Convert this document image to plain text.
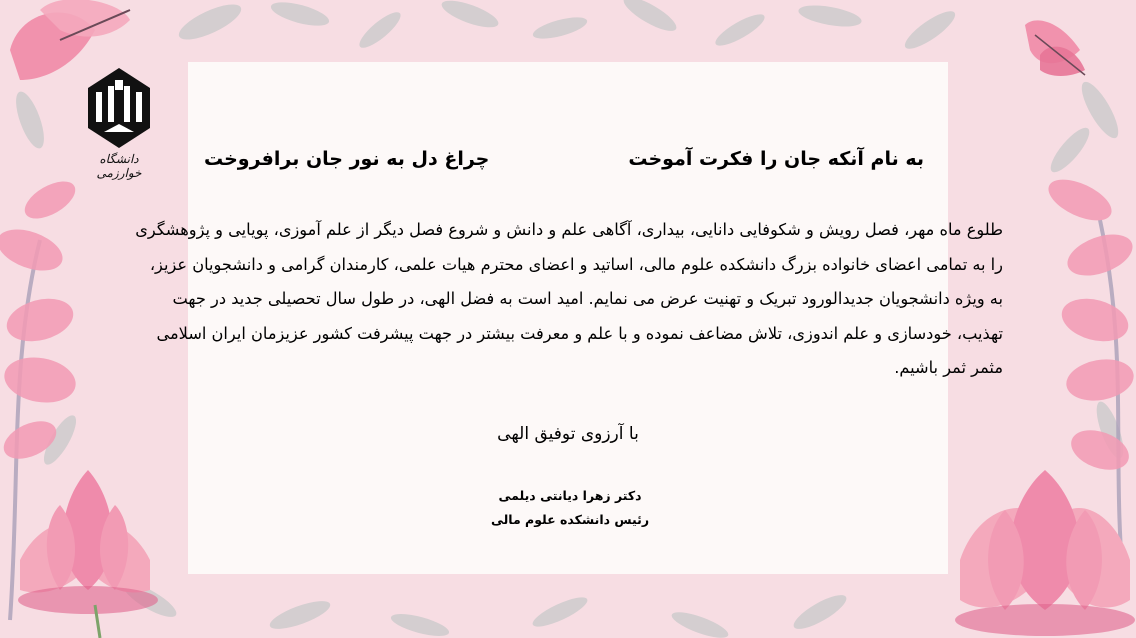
دانشگاه خوارزمی
به نام آنکه جان را فکرت آموخت
چراغ دل به نور جان برافروخت
طلوع ماه مهر، فصل رویش و شکوفایی دانایی، بیداری، آگاهی علم و دانش و شروع فصل دیگر از علم آموزی، پویایی و پژوهشگری را به تمامی اعضای خانواده بزرگ دانشکده علوم مالی، اساتید و اعضای محترم هیات علمی، کارمندان گرامی و دانشجویان عزیز، به ویژه دانشجویان جدیدالورود تبریک و تهنیت عرض می نمایم. امید است به فضل الهی، در طول سال تحصیلی جدید در جهت تهذیب، خودسازی و علم اندوزی، تلاش مضاعف نموده و با علم و معرفت بیشتر در جهت پیشرفت کشور عزیزمان ایران اسلامی مثمر ثمر باشیم.
با آرزوی توفیق الهی
دکتر زهرا دیانتی دیلمی
رئیس دانشکده علوم مالی
